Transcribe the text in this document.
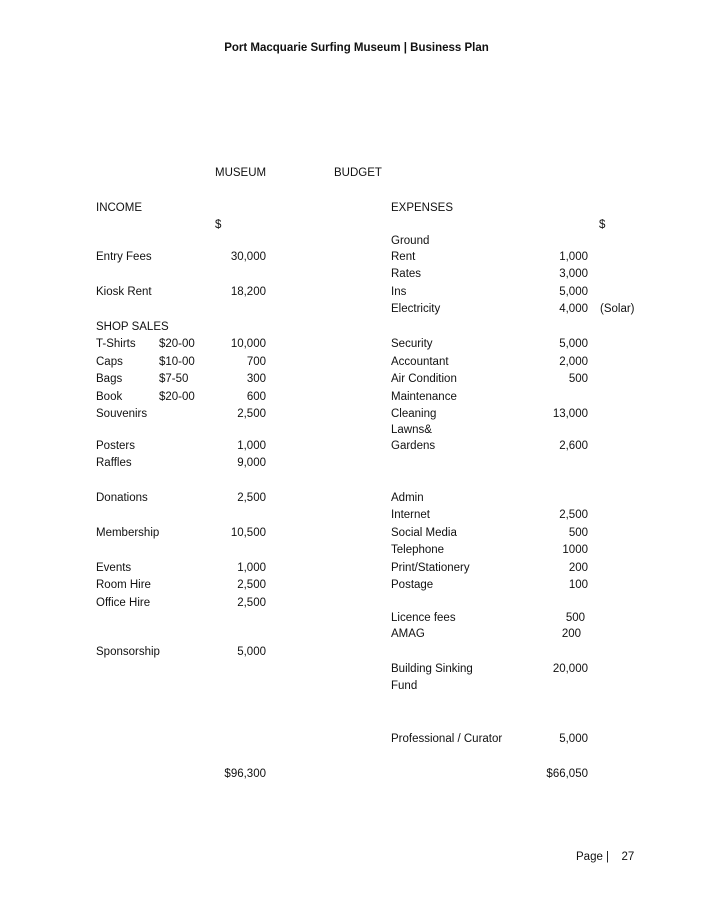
Port Macquarie Surfing Museum | Business Plan
MUSEUM	BUDGET
INCOME	EXPENSES
$	$
Entry Fees	30,000
Kiosk Rent	18,200
SHOP SALES
T-Shirts $20-00	10,000
Caps	$10-00	700
Bags	$7-50	300
Book	$20-00	600
Souvenirs	2,500
Posters	1,000
Raffles	9,000
Donations	2,500
Membership	10,500
Events	1,000
Room Hire	2,500
Office Hire	2,500
Sponsorship	5,000
$96,300
Ground
Rent	1,000
Rates	3,000
Ins	5,000
Electricity	4,000 (Solar)
Security	5,000
Accountant	2,000
Air Condition	500
Maintenance
Cleaning	13,000
Lawns&
Gardens	2,600
Admin
Internet	2,500
Social Media	500
Telephone	1000
Print/Stationery	200
Postage	100
Licence fees	500
AMAG	200
Building Sinking	20,000
Fund
Professional / Curator	5,000
$66,050
Page | 27
